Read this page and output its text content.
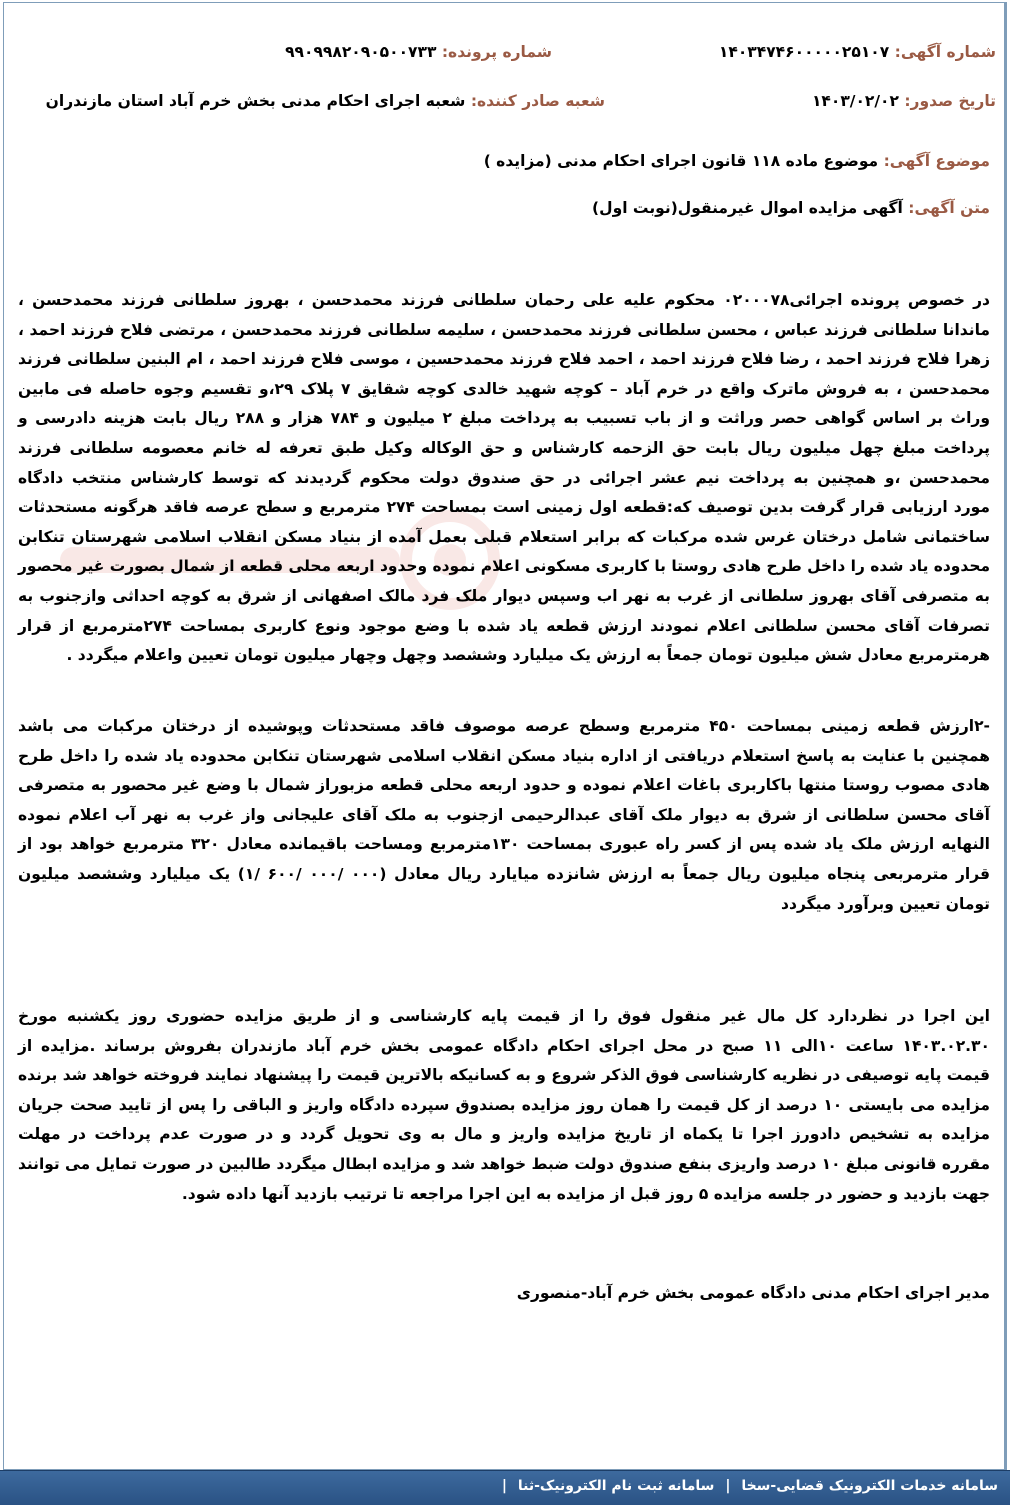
شماره آگهی: ۱۴۰۳۴۷۴۶۰۰۰۰۰۲۵۱۰۷
شماره پرونده: ۹۹۰۹۹۸۲۰۹۰۵۰۰۷۳۳
تاریخ صدور: ۱۴۰۳/۰۲/۰۲
شعبه صادر کننده: شعبه اجرای احکام مدنی بخش خرم آباد استان مازندران
موضوع آگهی: موضوع ماده ۱۱۸ قانون اجرای احکام مدنی (مزایده )
متن آگهی: آگهی مزایده اموال غیرمنقول(نوبت اول)
در خصوص پرونده اجرائی۰۲۰۰۰۷۸ محکوم علیه علی رحمان سلطانی فرزند محمدحسن ، بهروز سلطانی فرزند محمدحسن ،
ماندانا سلطانی فرزند عباس ، محسن سلطانی فرزند محمدحسن ، سلیمه سلطانی فرزند محمدحسن ، مرتضی فلاح فرزند احمد ،
زهرا فلاح فرزند احمد ، رضا فلاح فرزند احمد ، احمد فلاح فرزند محمدحسین ، موسی فلاح فرزند احمد ، ام البنین سلطانی فرزند
محمدحسن ، به فروش ماترک واقع در خرم آباد – کوچه شهید خالدی کوچه شقایق ۷ پلاک ۲۹،و تقسیم وجوه حاصله فی مابین
وراث بر اساس گواهی حصر وراثت و از باب تسبیب به پرداخت مبلغ ۲ میلیون و ۷۸۴ هزار و ۲۸۸ ریال بابت هزینه دادرسی و
پرداخت مبلغ چهل میلیون ریال بابت حق الزحمه کارشناس و حق الوکاله وکیل طبق تعرفه له خانم معصومه سلطانی فرزند
محمدحسن ،و همچنین به پرداخت نیم عشر اجرائی در حق صندوق دولت محکوم گردیدند که توسط کارشناس منتخب دادگاه
مورد ارزیابی قرار گرفت بدین توصیف که:قطعه اول زمینی است بمساحت ۲۷۴ مترمربع و سطح عرصه فاقد هرگونه مستحدثات
ساختمانی شامل درختان غرس شده مرکبات که برابر استعلام قبلی بعمل آمده از بنیاد مسکن انقلاب اسلامی شهرستان تنکابن
محدوده یاد شده را داخل طرح هادی روستا با کاربری مسکونی اعلام نموده وحدود اربعه محلی قطعه از شمال بصورت غیر محصور
به متصرفی آقای بهروز سلطانی از غرب به نهر اب وسپس دیوار ملک فرد مالک اصفهانی از شرق به کوچه احداثی وازجنوب به
تصرفات آقای محسن سلطانی اعلام نمودند ارزش قطعه یاد شده با وضع موجود ونوع کاربری بمساحت ۲۷۴مترمربع از قرار
هرمترمربع معادل شش میلیون تومان جمعاً به ارزش یک میلیارد وششصد وچهل وچهار میلیون تومان تعیین واعلام میگردد .
-۲ارزش قطعه زمینی بمساحت ۴۵۰ مترمربع وسطح عرصه موصوف فاقد مستحدثات وپوشیده از درختان مرکبات می باشد
همچنین با عنایت به پاسخ استعلام دریافتی از اداره بنیاد مسکن انقلاب اسلامی شهرستان تنکابن محدوده یاد شده را داخل طرح
هادی مصوب روستا منتها باکاربری باغات اعلام نموده و حدود اربعه محلی قطعه مزبوراز شمال با وضع غیر محصور به متصرفی
آقای محسن سلطانی از شرق به دیوار ملک آقای عبدالرحیمی ازجنوب به ملک آقای علیجانی واز غرب به نهر آب اعلام نموده
النهایه ارزش ملک یاد شده پس از کسر راه عبوری بمساحت ۱۳۰مترمربع ومساحت باقیمانده معادل ۳۲۰ مترمربع خواهد بود از
قرار مترمربعی پنجاه میلیون ریال جمعاً به ارزش شانزده میایارد ریال معادل (۰۰۰ /۰۰۰ /۶۰۰ /۱) یک میلیارد وششصد میلیون
تومان تعیین وبرآورد میگردد
این اجرا در نظردارد کل مال غیر منقول فوق را از قیمت پایه کارشناسی و از طریق مزایده حضوری روز یکشنبه مورخ
۱۴۰۳.۰۲.۳۰ ساعت ۱۰الی ۱۱ صبح در محل اجرای احکام دادگاه عمومی بخش خرم آباد مازندران بفروش برساند .مزایده از
قیمت پایه توصیفی در نظریه کارشناسی فوق الذکر شروع و به کسانیکه بالاترین قیمت را پیشنهاد نمایند فروخته خواهد شد برنده
مزایده می بایستی ۱۰ درصد از کل قیمت را همان روز مزایده بصندوق سپرده دادگاه واریز و الباقی را پس از تایید صحت جریان
مزایده به تشخیص دادورز اجرا تا یکماه از تاریخ مزایده واریز و مال به وی تحویل گردد و در صورت عدم پرداخت در مهلت
مقرره قانونی مبلغ ۱۰ درصد واریزی بنفع صندوق دولت ضبط خواهد شد و مزایده ابطال میگردد طالبین در صورت تمایل می توانند
جهت بازدید و حضور در جلسه مزایده ۵ روز قبل از مزایده به این اجرا مراجعه تا ترتیب بازدید آنها داده شود.
مدیر اجرای احکام مدنی دادگاه عمومی بخش خرم آباد-منصوری
سامانه خدمات الکترونیک قضایی-سخا | سامانه ثبت نام الکترونیک-ثنا |
